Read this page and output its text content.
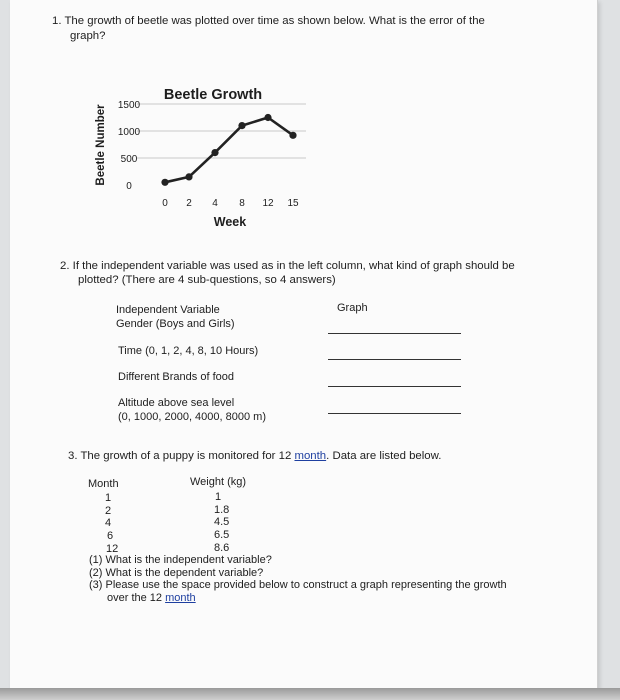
1. The growth of beetle was plotted over time as shown below. What is the error of the
graph?
0
500
1000
1500
0 2 4 8 12 15
Beetle Growth
Week
Beetle Number
2. If the independent variable was used as in the left column, what kind of graph should be
plotted? (There are 4 sub-questions, so 4 answers)
Independent Variable	Graph
Gender (Boys and Girls)
Time (0, 1, 2, 4, 8, 10 Hours)
Different Brands of food
Altitude above sea level
(0, 1000, 2000, 4000, 8000 m)
3. The growth of a puppy is monitored for 12 month. Data are listed below.
Month	Weight (kg)
1	1
2	1.8
4	4.5
6	6.5
12	8.6
(1) What is the independent variable?
(2) What is the dependent variable?
(3) Please use the space provided below to construct a graph representing the growth
over the 12 month
